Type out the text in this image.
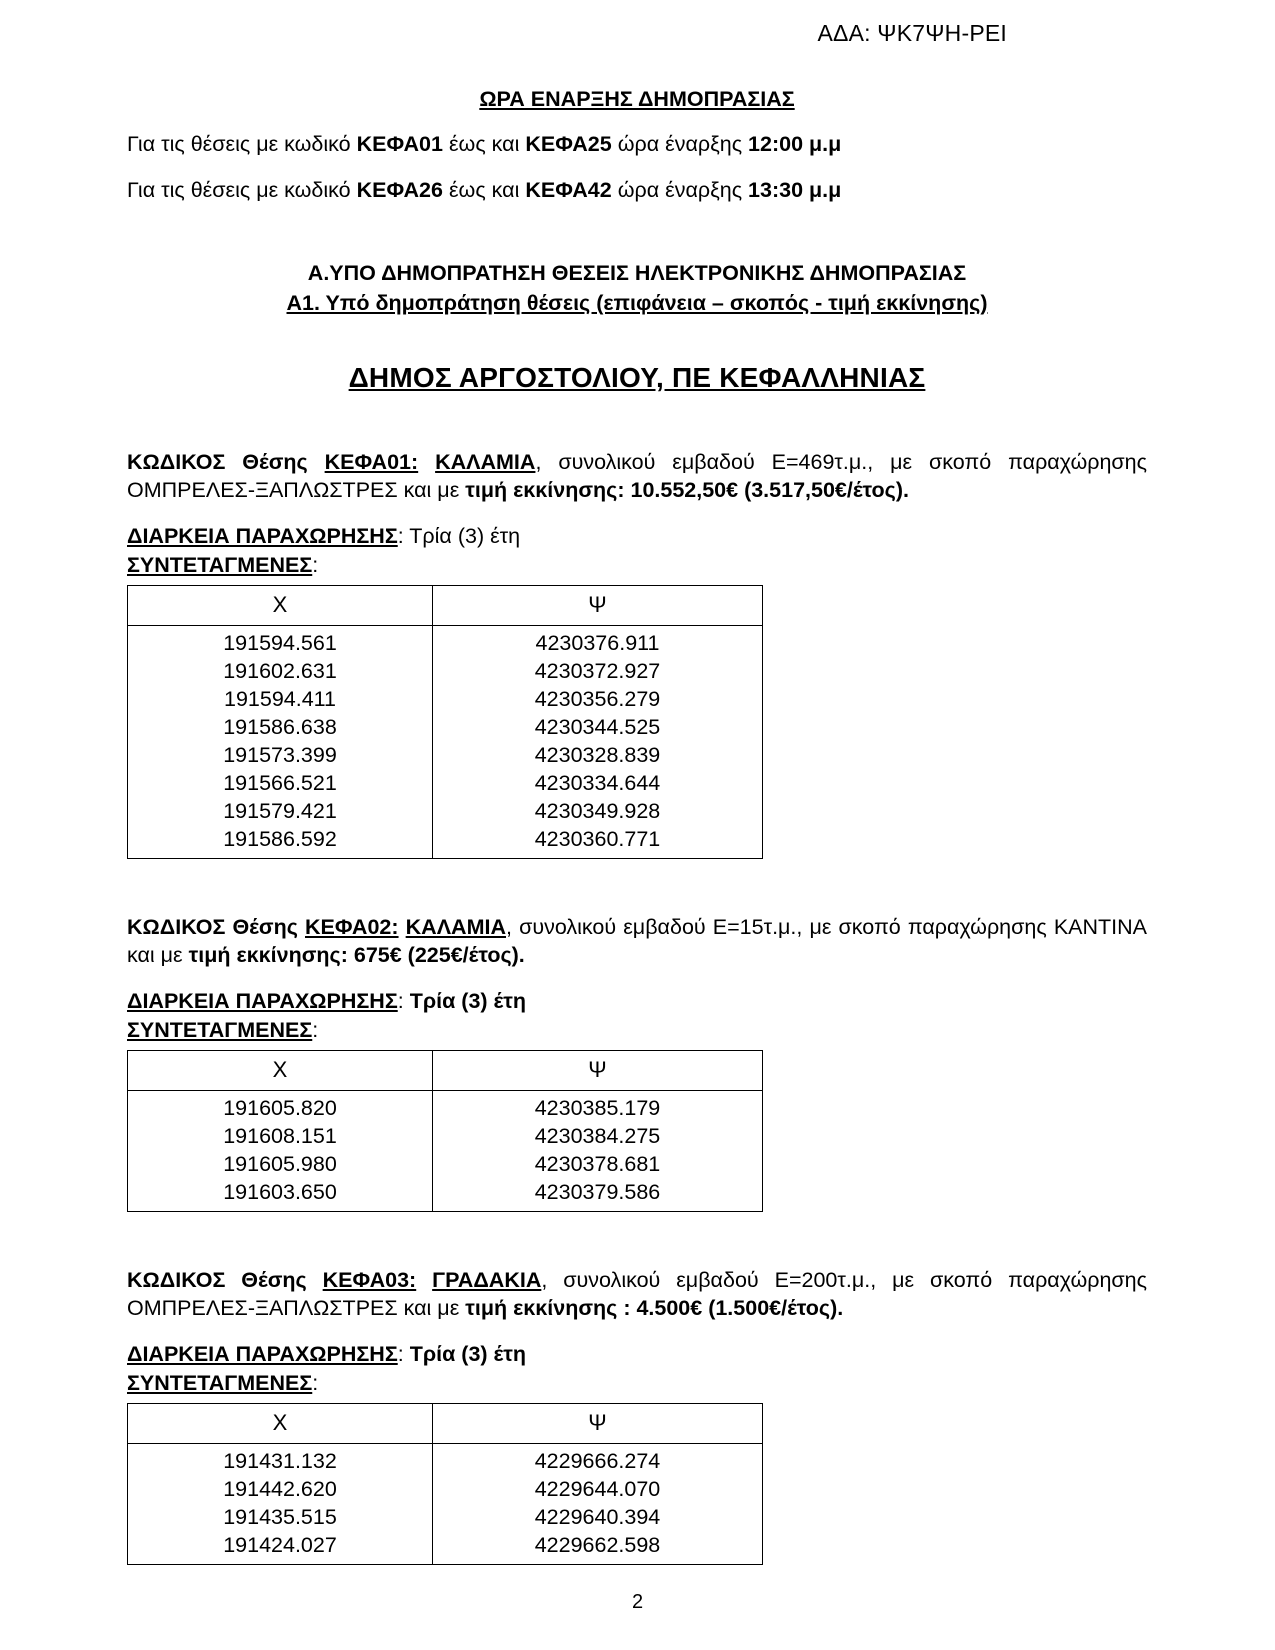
ΑΔΑ: ΨΚ7ΨΗ-ΡΕΙ
ΩΡΑ ΕΝΑΡΞΗΣ ΔΗΜΟΠΡΑΣΙΑΣ
Για τις θέσεις με κωδικό ΚΕΦΑ01 έως και ΚΕΦΑ25 ώρα έναρξης 12:00 μ.μ
Για τις θέσεις με κωδικό ΚΕΦΑ26 έως και ΚΕΦΑ42 ώρα έναρξης 13:30 μ.μ
Α.ΥΠΟ ΔΗΜΟΠΡΑΤΗΣΗ ΘΕΣΕΙΣ ΗΛΕΚΤΡΟΝΙΚΗΣ ΔΗΜΟΠΡΑΣΙΑΣ
Α1. Υπό δημοπράτηση θέσεις (επιφάνεια – σκοπός - τιμή εκκίνησης)
ΔΗΜΟΣ ΑΡΓΟΣΤΟΛΙΟΥ, ΠΕ ΚΕΦΑΛΛΗΝΙΑΣ
ΚΩΔΙΚΟΣ Θέσης ΚΕΦΑ01: ΚΑΛΑΜΙΑ, συνολικού εμβαδού Ε=469τ.μ., με σκοπό παραχώρησης ΟΜΠΡΕΛΕΣ-ΞΑΠΛΩΣΤΡΕΣ και με τιμή εκκίνησης: 10.552,50€ (3.517,50€/έτος).
ΔΙΑΡΚΕΙΑ ΠΑΡΑΧΩΡΗΣΗΣ: Τρία (3) έτη
ΣΥΝΤΕΤΑΓΜΕΝΕΣ:
Χ	Ψ
191594.561	4230376.911
191602.631	4230372.927
191594.411	4230356.279
191586.638	4230344.525
191573.399	4230328.839
191566.521	4230334.644
191579.421	4230349.928
191586.592	4230360.771
ΚΩΔΙΚΟΣ Θέσης ΚΕΦΑ02: ΚΑΛΑΜΙΑ, συνολικού εμβαδού Ε=15τ.μ., με σκοπό παραχώρησης ΚΑΝΤΙΝΑ και με τιμή εκκίνησης: 675€ (225€/έτος).
ΔΙΑΡΚΕΙΑ ΠΑΡΑΧΩΡΗΣΗΣ: Τρία (3) έτη
ΣΥΝΤΕΤΑΓΜΕΝΕΣ:
Χ	Ψ
191605.820	4230385.179
191608.151	4230384.275
191605.980	4230378.681
191603.650	4230379.586
ΚΩΔΙΚΟΣ Θέσης ΚΕΦΑ03: ΓΡΑΔΑΚΙΑ, συνολικού εμβαδού Ε=200τ.μ., με σκοπό παραχώρησης ΟΜΠΡΕΛΕΣ-ΞΑΠΛΩΣΤΡΕΣ και με τιμή εκκίνησης : 4.500€ (1.500€/έτος).
ΔΙΑΡΚΕΙΑ ΠΑΡΑΧΩΡΗΣΗΣ: Τρία (3) έτη
ΣΥΝΤΕΤΑΓΜΕΝΕΣ:
Χ	Ψ
191431.132	4229666.274
191442.620	4229644.070
191435.515	4229640.394
191424.027	4229662.598
2
